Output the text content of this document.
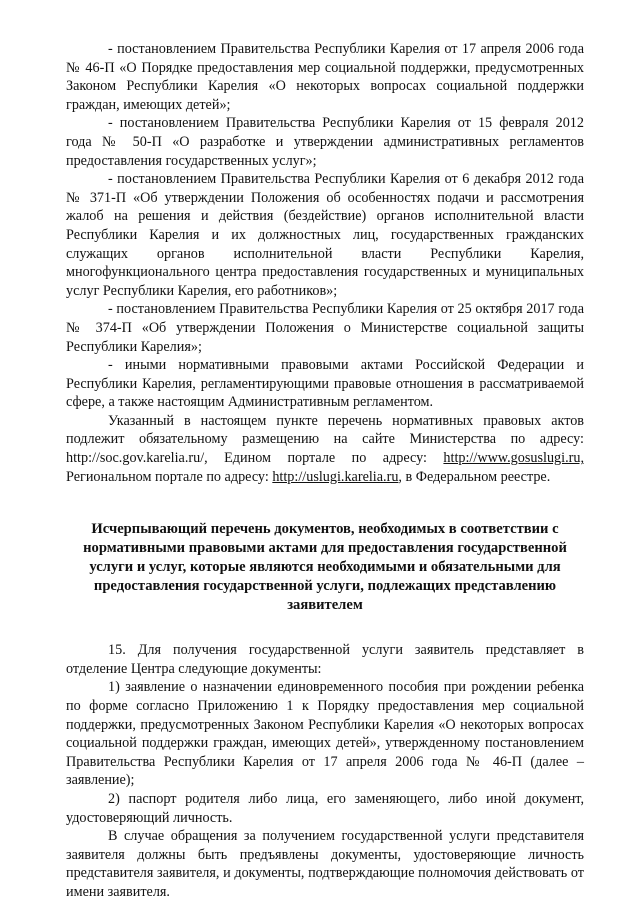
- постановлением Правительства Республики Карелия от 17 апреля 2006 года № 46-П «О Порядке предоставления мер социальной поддержки, предусмотренных Законом Республики Карелия «О некоторых вопросах социальной поддержки граждан, имеющих детей»;

- постановлением Правительства Республики Карелия от 15 февраля 2012 года № 50-П «О разработке и утверждении административных регламентов предоставления государственных услуг»;

- постановлением Правительства Республики Карелия от 6 декабря 2012 года № 371-П «Об утверждении Положения об особенностях подачи и рассмотрения жалоб на решения и действия (бездействие) органов исполнительной власти Республики Карелия и их должностных лиц, государственных гражданских служащих органов исполнительной власти Республики Карелия, многофункционального центра предоставления государственных и муниципальных услуг Республики Карелия, его работников»;

- постановлением Правительства Республики Карелия от 25 октября 2017 года № 374-П «Об утверждении Положения о Министерстве социальной защиты Республики Карелия»;

- иными нормативными правовыми актами Российской Федерации и Республики Карелия, регламентирующими правовые отношения в рассматриваемой сфере, а также настоящим Административным регламентом.

Указанный в настоящем пункте перечень нормативных правовых актов подлежит обязательному размещению на сайте Министерства по адресу: http://soc.gov.karelia.ru/, Едином портале по адресу: http://www.gosuslugi.ru, Региональном портале по адресу: http://uslugi.karelia.ru, в Федеральном реестре.

Исчерпывающий перечень документов, необходимых в соответствии с нормативными правовыми актами для предоставления государственной услуги и услуг, которые являются необходимыми и обязательными для предоставления государственной услуги, подлежащих представлению заявителем

15. Для получения государственной услуги заявитель представляет в отделение Центра следующие документы:

1) заявление о назначении единовременного пособия при рождении ребенка по форме согласно Приложению 1 к Порядку предоставления мер социальной поддержки, предусмотренных Законом Республики Карелия «О некоторых вопросах социальной поддержки граждан, имеющих детей», утвержденному постановлением Правительства Республики Карелия от 17 апреля 2006 года № 46-П (далее – заявление);

2) паспорт родителя либо лица, его заменяющего, либо иной документ, удостоверяющий личность.

В случае обращения за получением государственной услуги представителя заявителя должны быть предъявлены документы, удостоверяющие личность представителя заявителя, и документы, подтверждающие полномочия действовать от имени заявителя.
